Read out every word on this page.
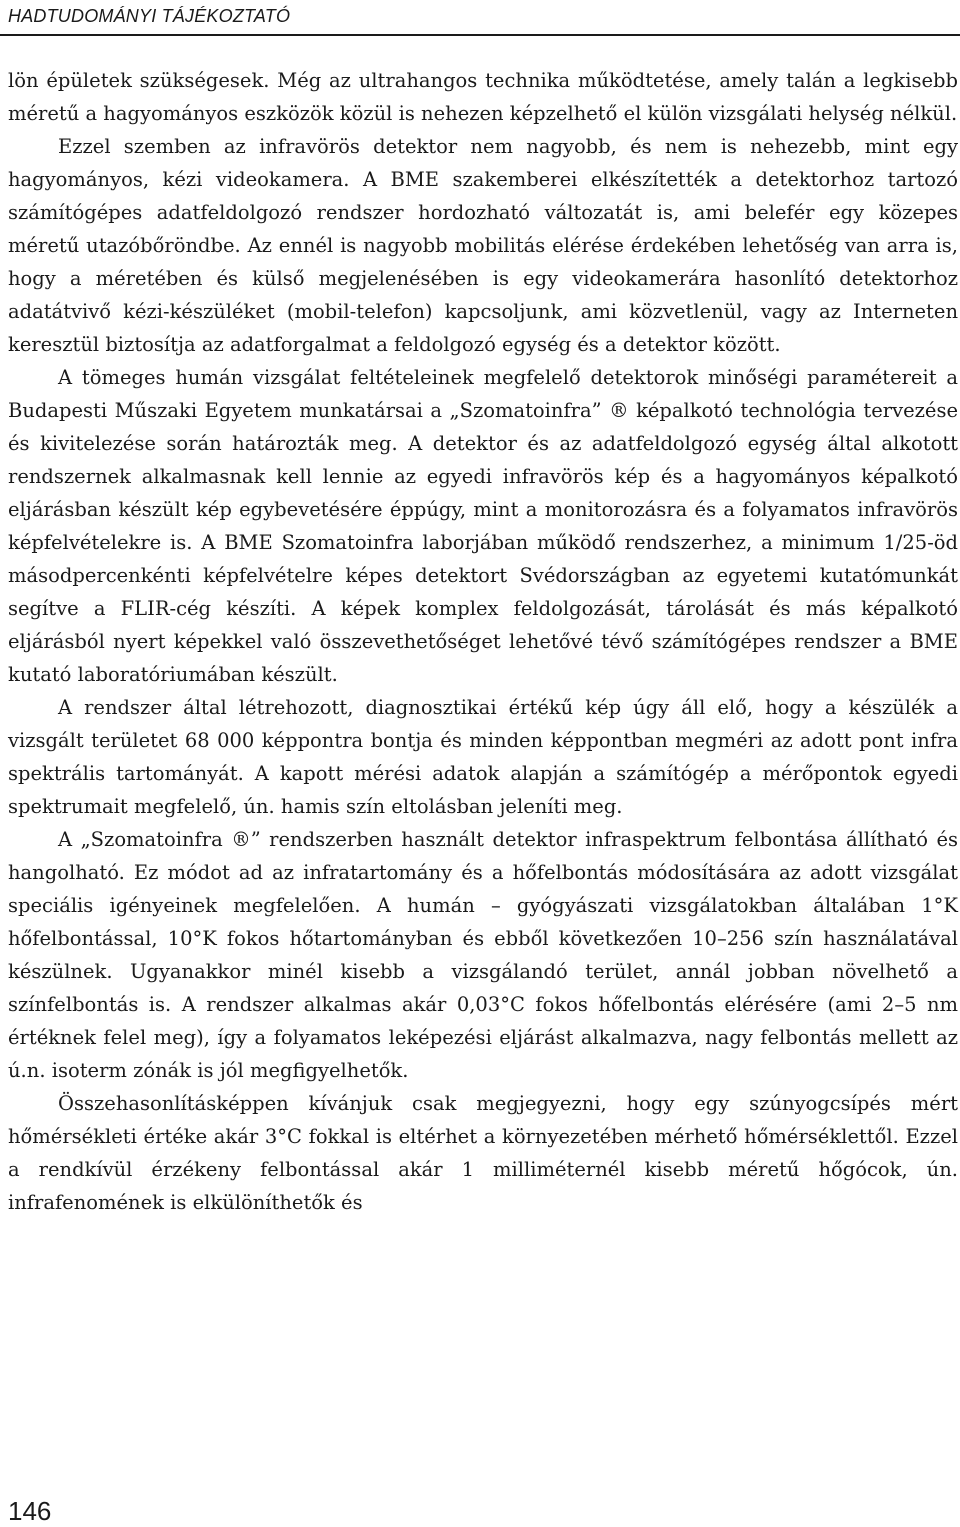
HADTUDOMÁNYI TÁJÉKOZTATÓ

lön épületek szükségesek. Még az ultrahangos technika működtetése, amely talán a legkisebb méretű a hagyományos eszközök közül is nehezen képzelhető el külön vizsgálati helység nélkül.

Ezzel szemben az infravörös detektor nem nagyobb, és nem is nehezebb, mint egy hagyományos, kézi videokamera. A BME szakemberei elkészítették a detektorhoz tartozó számítógépes adatfeldolgozó rendszer hordozható változatát is, ami belefér egy közepes méretű utazóbőröndbe. Az ennél is nagyobb mobilitás elérése érdekében lehetőség van arra is, hogy a méretében és külső megjelenésében is egy videokamerára hasonlító detektorhoz adatátvivő kézi-készüléket (mobil-telefon) kapcsoljunk, ami közvetlenül, vagy az Interneten keresztül biztosítja az adatforgalmat a feldolgozó egység és a detektor között.

A tömeges humán vizsgálat feltételeinek megfelelő detektorok minőségi paramétereit a Budapesti Műszaki Egyetem munkatársai a „Szomatoinfra” ® képalkotó technológia tervezése és kivitelezése során határozták meg. A detektor és az adatfeldolgozó egység által alkotott rendszernek alkalmasnak kell lennie az egyedi infravörös kép és a hagyományos képalkotó eljárásban készült kép egybevetésére éppúgy, mint a monitorozásra és a folyamatos infravörös képfelvételekre is. A BME Szomatoinfra laborjában működő rendszerhez, a minimum 1/25-öd másodpercenkénti képfelvételre képes detektort Svédországban az egyetemi kutatómunkát segítve a FLIR-cég készíti. A képek komplex feldolgozását, tárolását és más képalkotó eljárásból nyert képekkel való összevethetőséget lehetővé tévő számítógépes rendszer a BME kutató laboratóriumában készült.

A rendszer által létrehozott, diagnosztikai értékű kép úgy áll elő, hogy a készülék a vizsgált területet 68 000 képpontra bontja és minden képpontban megméri az adott pont infra spektrális tartományát. A kapott mérési adatok alapján a számítógép a mérőpontok egyedi spektrumait megfelelő, ún. hamis szín eltolásban jeleníti meg.

A „Szomatoinfra ®” rendszerben használt detektor infraspektrum felbontása állítható és hangolható. Ez módot ad az infratartomány és a hőfelbontás módosítására az adott vizsgálat speciális igényeinek megfelelően. A humán – gyógyászati vizsgálatokban általában 1°K hőfelbontással, 10°K fokos hőtartományban és ebből következően 10–256 szín használatával készülnek. Ugyanakkor minél kisebb a vizsgálandó terület, annál jobban növelhető a színfelbontás is. A rendszer alkalmas akár 0,03°C fokos hőfelbontás elérésére (ami 2–5 nm értéknek felel meg), így a folyamatos leképezési eljárást alkalmazva, nagy felbontás mellett az ú.n. isoterm zónák is jól megfigyelhetők.

Összehasonlításképpen kívánjuk csak megjegyezni, hogy egy szúnyogcsípés mért hőmérsékleti értéke akár 3°C fokkal is eltérhet a környezetében mérhető hőmérséklettől. Ezzel a rendkívül érzékeny felbontással akár 1 milliméternél kisebb méretű hőgócok, ún. infrafenomének is elkülöníthetők és

146
